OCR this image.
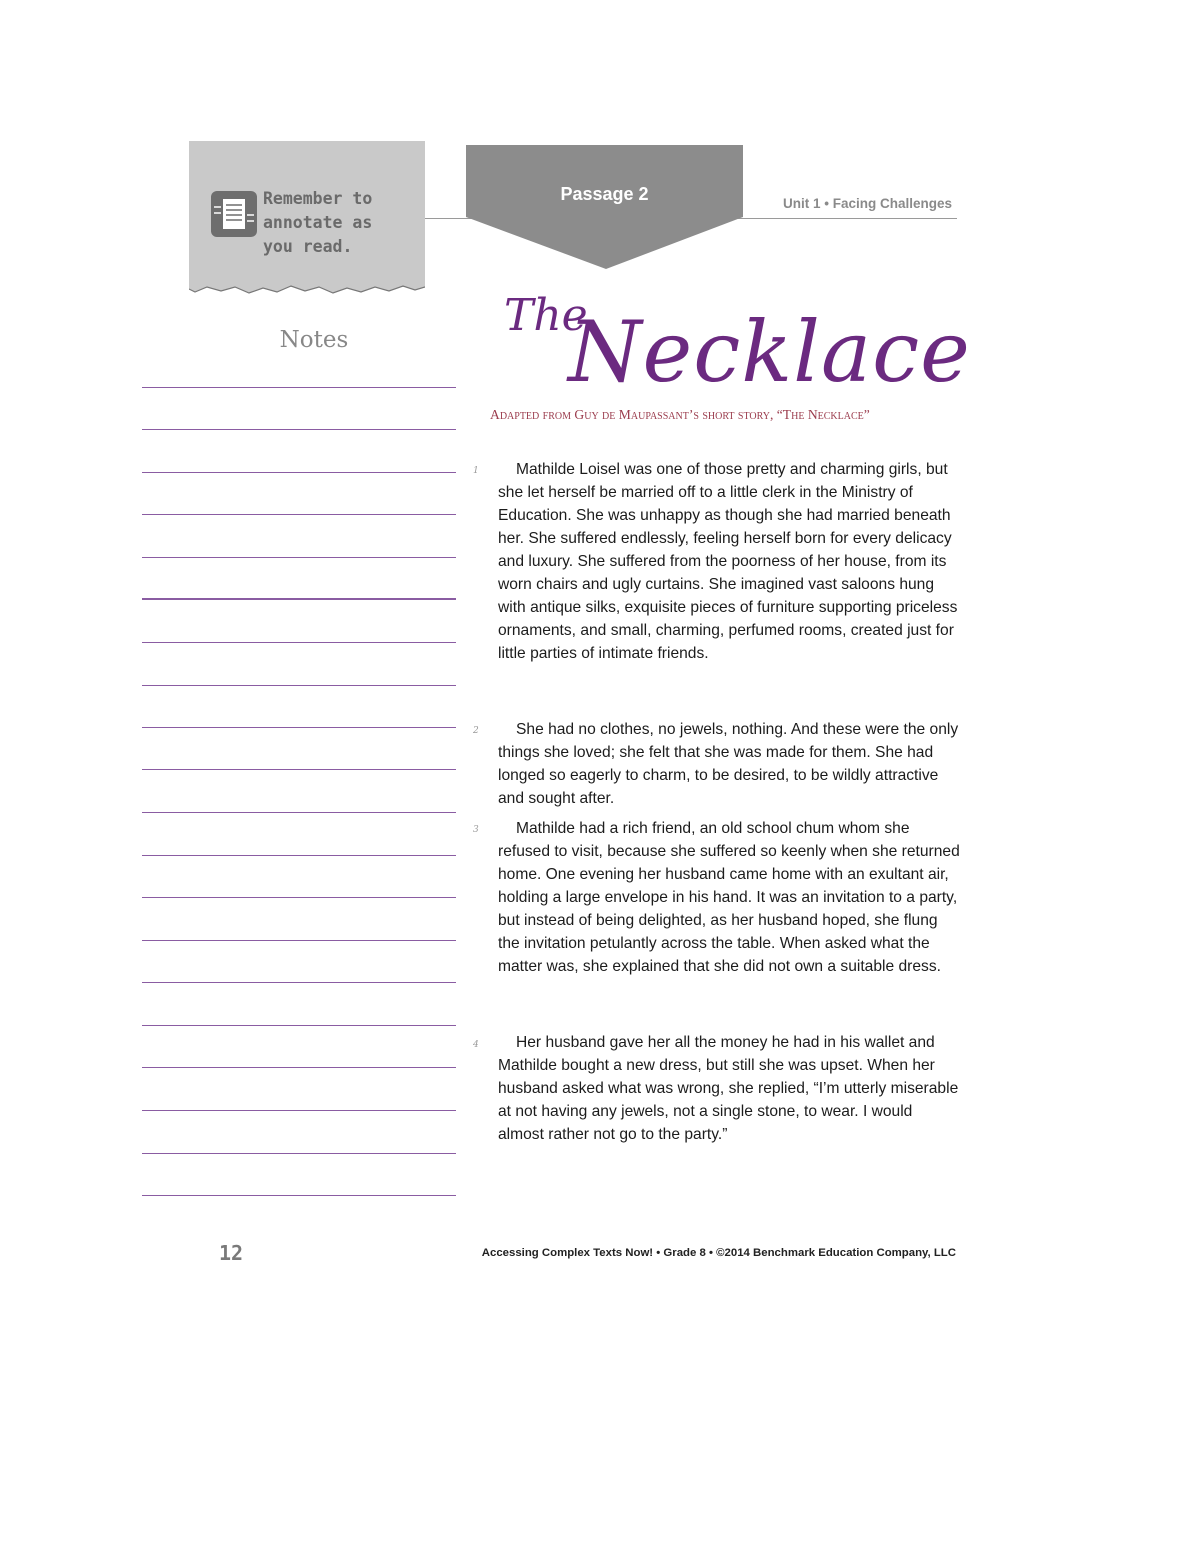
Remember to
annotate as
you read.
Notes
Passage 2	Unit 1 • Facing Challenges
The
Necklace
Adapted from Guy de Maupassant’s short story, “The Necklace”
1	Mathilde Loisel was one of those pretty and charming girls, but she let herself be married off to a little clerk in the Ministry of Education. She was unhappy as though she had married beneath her. She suffered endlessly, feeling herself born for every delicacy and luxury. She suffered from the poorness of her house, from its worn chairs and ugly curtains. She imagined vast saloons hung with antique silks, exquisite pieces of furniture supporting priceless ornaments, and small, charming, perfumed rooms, created just for little parties of intimate friends.

2	She had no clothes, no jewels, nothing. And these were the only things she loved; she felt that she was made for them. She had longed so eagerly to charm, to be desired, to be wildly attractive and sought after.

3	Mathilde had a rich friend, an old school chum whom she refused to visit, because she suffered so keenly when she returned home. One evening her husband came home with an exultant air, holding a large envelope in his hand. It was an invitation to a party, but instead of being delighted, as her husband hoped, she flung the invitation petulantly across the table. When asked what the matter was, she explained that she did not own a suitable dress.

4	Her husband gave her all the money he had in his wallet and Mathilde bought a new dress, but still she was upset. When her husband asked what was wrong, she replied, “I’m utterly miserable at not having any jewels, not a single stone, to wear. I would almost rather not go to the party.”

12	Accessing Complex Texts Now! • Grade 8 • ©2014 Benchmark Education Company, LLC
